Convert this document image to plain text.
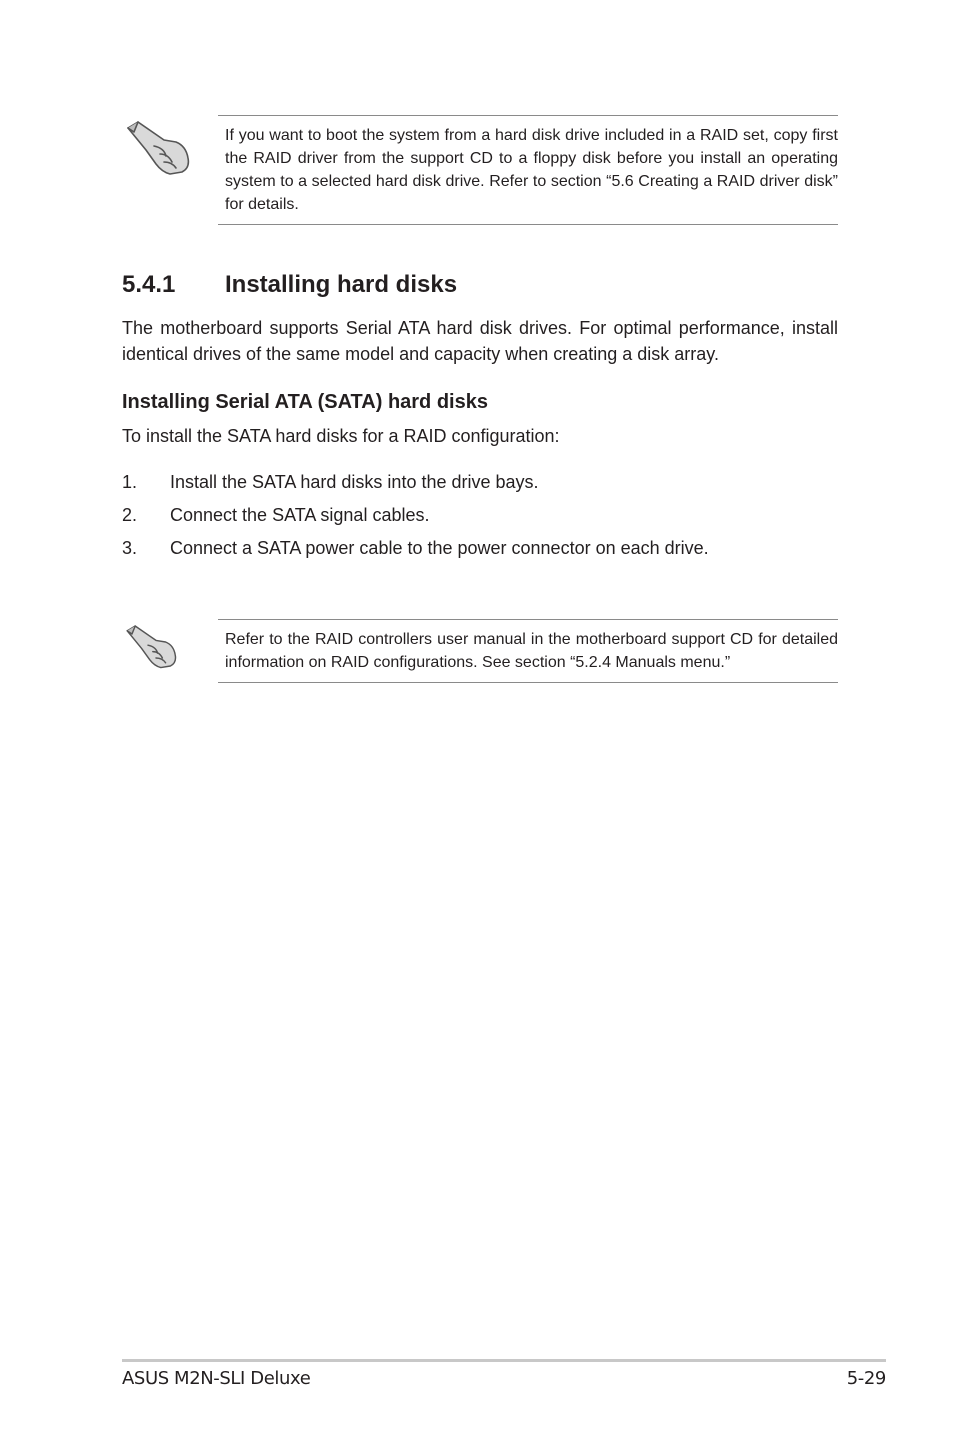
If you want to boot the system from a hard disk drive included in a RAID set, copy first the RAID driver from the support CD to a floppy disk before you install an operating system to a selected hard disk drive. Refer to section “5.6 Creating a RAID driver disk” for details.
5.4.1 Installing hard disks

The motherboard supports Serial ATA hard disk drives. For optimal performance, install identical drives of the same model and capacity when creating a disk array.

Installing Serial ATA (SATA) hard disks

To install the SATA hard disks for a RAID configuration:

1. Install the SATA hard disks into the drive bays.
2. Connect the SATA signal cables.
3. Connect a SATA power cable to the power connector on each drive.
Refer to the RAID controllers user manual in the motherboard support CD for detailed information on RAID configurations. See section “5.2.4 Manuals menu.”
ASUS M2N-SLI Deluxe	5-29
